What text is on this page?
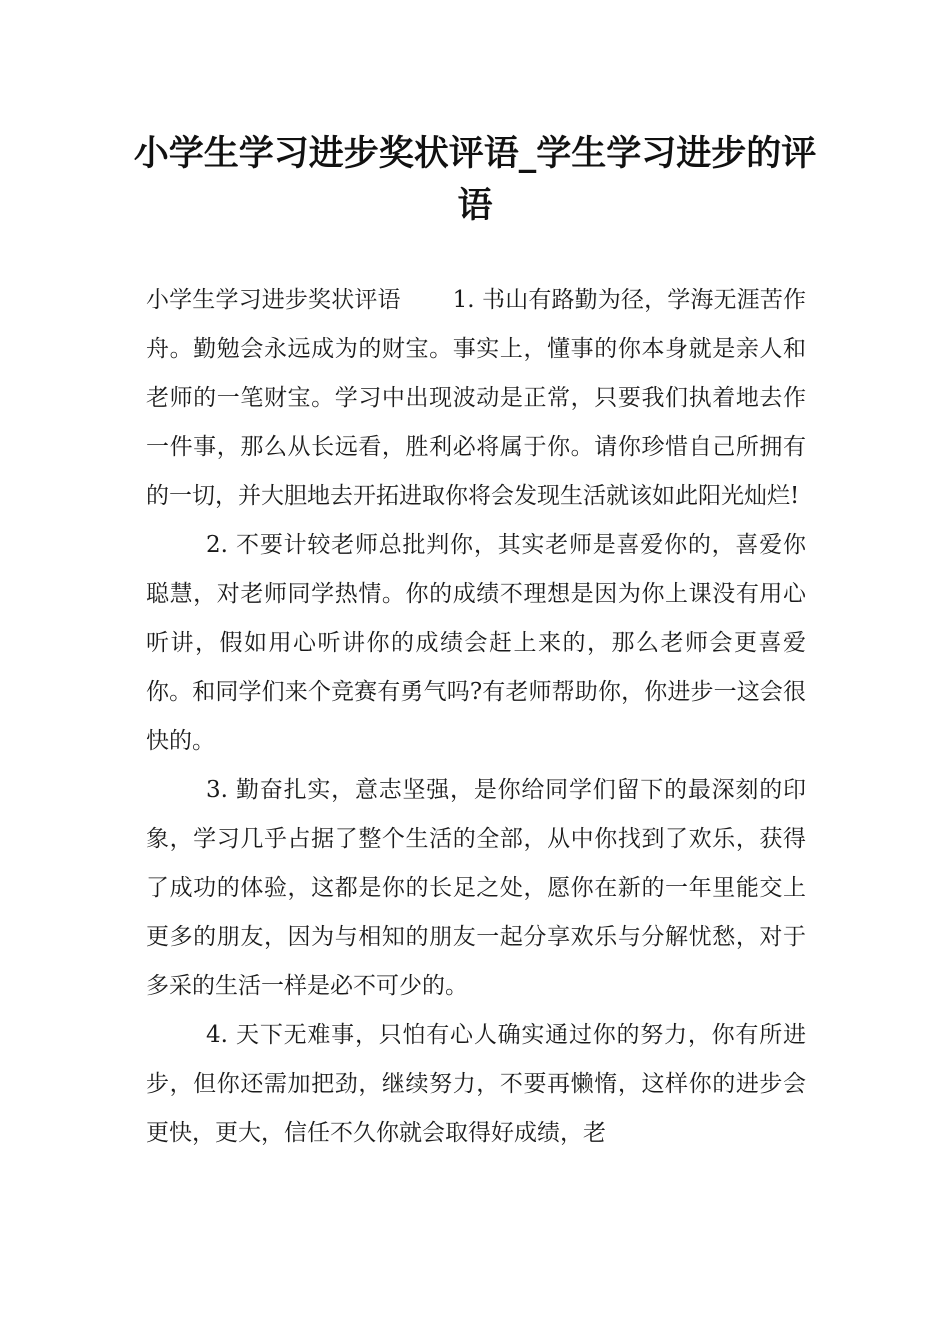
小学生学习进步奖状评语_学生学习进步的评语

小学生学习进步奖状评语 1. 书山有路勤为径，学海无涯苦作舟。勤勉会永远成为的财宝。事实上，懂事的你本身就是亲人和老师的一笔财宝。学习中出现波动是正常，只要我们执着地去作一件事，那么从长远看，胜利必将属于你。请你珍惜自己所拥有的一切，并大胆地去开拓进取你将会发现生活就该如此阳光灿烂!

2. 不要计较老师总批判你，其实老师是喜爱你的，喜爱你聪慧，对老师同学热情。你的成绩不理想是因为你上课没有用心听讲，假如用心听讲你的成绩会赶上来的，那么老师会更喜爱你。和同学们来个竞赛有勇气吗?有老师帮助你，你进步一这会很快的。

3. 勤奋扎实，意志坚强，是你给同学们留下的最深刻的印象，学习几乎占据了整个生活的全部，从中你找到了欢乐，获得了成功的体验，这都是你的长足之处，愿你在新的一年里能交上更多的朋友，因为与相知的朋友一起分享欢乐与分解忧愁，对于多采的生活一样是必不可少的。

4. 天下无难事，只怕有心人确实通过你的努力，你有所进步，但你还需加把劲，继续努力，不要再懒惰，这样你的进步会更快，更大，信任不久你就会取得好成绩，老
